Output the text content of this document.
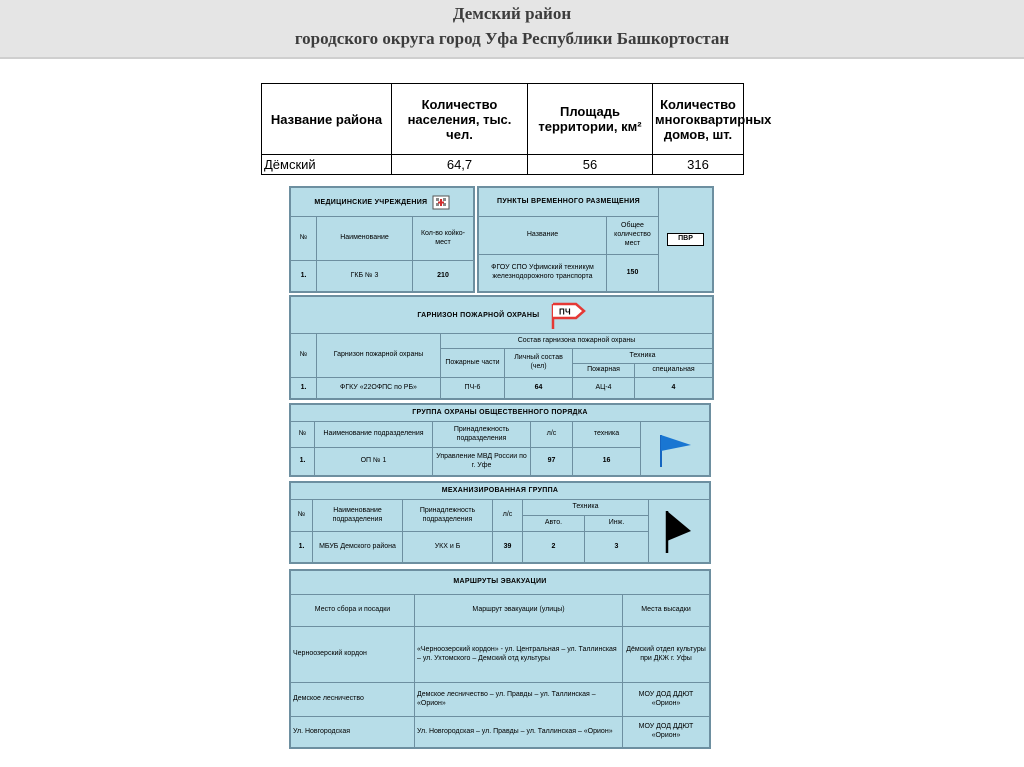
Демский район
городского округа город Уфа Республики Башкортостан
Название района	Количество населения, тыс. чел.	Площадь территории, км²	Количество многоквартирных домов, шт.
Дёмский	64,7	56	316
МЕДИЦИНСКИЕ УЧРЕЖДЕНИЯ		
№	Наименование	Кол-во койко-мест
1.	ГКБ № 3	210
ПУНКТЫ ВРЕМЕННОГО РАЗМЕЩЕНИЯ		ПВР
Название	Общее количество мест	
ФГОУ СПО Уфимский техникум железнодорожного транспорта	150	
ГАРНИЗОН ПОЖАРНОЙ ОХРАНЫ ПЧ					

№	Гарнизон пожарной охраны	Состав гарнизона пожарной охраны			
		Пожарные части	Личный состав (чел)	Техника	
				Пожарная	специальная
1.	ФГКУ «22ОФПС по РБ»	ПЧ-6	64	АЦ-4	4
ГРУППА ОХРАНЫ ОБЩЕСТВЕННОГО ПОРЯДКА					
№	Наименование подразделения	Принадлежность подразделения	л/с	техника	

1.	ОП № 1	Управление МВД России по г. Уфе	97	16	
МЕХАНИЗИРОВАННАЯ ГРУППА						
№	Наименование подразделения	Принадлежность подразделения	л/с	Техника	

				Авто.	Инж.	
1.	МБУБ Демского района	УКХ и Б	39	2	3	
МАРШРУТЫ ЭВАКУАЦИИ		
Место сбора и посадки	Маршрут эвакуации (улицы)	Места высадки
Черноозерский кордон	«Черноозерский кордон» - ул. Центральная – ул. Таллинская – ул. Ухтомского – Демский отд культуры	Дёмский отдел культуры при ДКЖ г. Уфы
Демское лесничество	Демское лесничество – ул. Правды – ул. Таллинская – «Орион»	МОУ ДОД ДДЮТ «Орион»
Ул. Новгородская	Ул. Новгородская – ул. Правды – ул. Таллинская – «Орион»	МОУ ДОД ДДЮТ «Орион»
